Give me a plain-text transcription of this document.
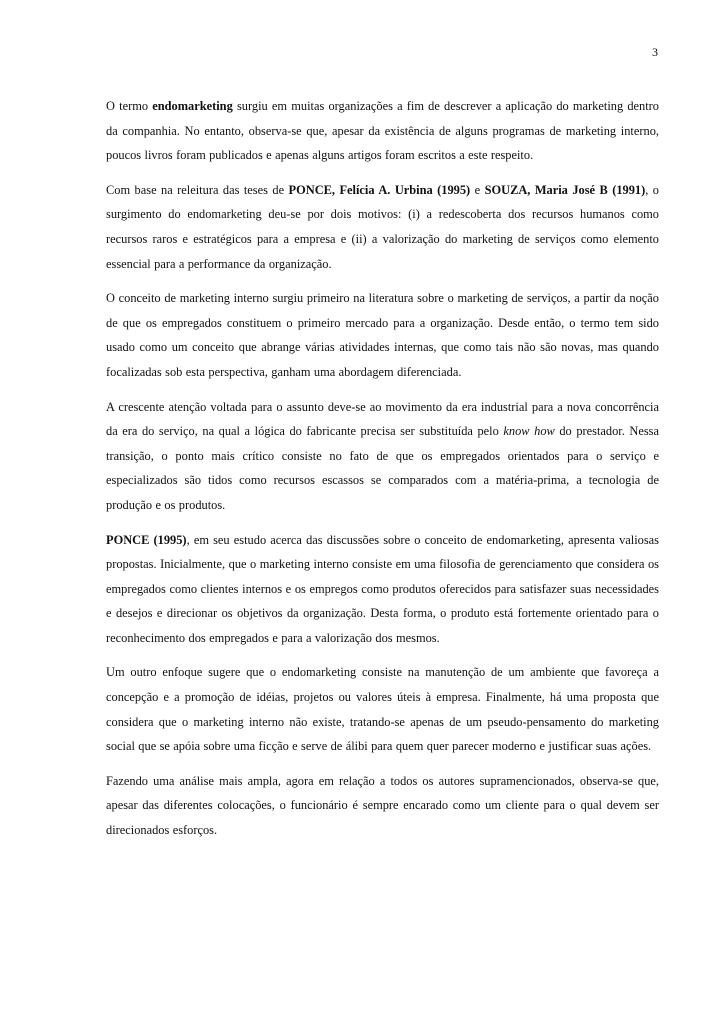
3

O termo endomarketing surgiu em muitas organizações a fim de descrever a aplicação do marketing dentro da companhia. No entanto, observa-se que, apesar da existência de alguns programas de marketing interno, poucos livros foram publicados e apenas alguns artigos foram escritos a este respeito.

Com base na releitura das teses de PONCE, Felícia A. Urbina (1995) e SOUZA, Maria José B (1991), o surgimento do endomarketing deu-se por dois motivos: (i) a redescoberta dos recursos humanos como recursos raros e estratégicos para a empresa e (ii) a valorização do marketing de serviços como elemento essencial para a performance da organização.

O conceito de marketing interno surgiu primeiro na literatura sobre o marketing de serviços, a partir da noção de que os empregados constituem o primeiro mercado para a organização. Desde então, o termo tem sido usado como um conceito que abrange várias atividades internas, que como tais não são novas, mas quando focalizadas sob esta perspectiva, ganham uma abordagem diferenciada.

A crescente atenção voltada para o assunto deve-se ao movimento da era industrial para a nova concorrência da era do serviço, na qual a lógica do fabricante precisa ser substituída pelo know how do prestador. Nessa transição, o ponto mais crítico consiste no fato de que os empregados orientados para o serviço e especializados são tidos como recursos escassos se comparados com a matéria-prima, a tecnologia de produção e os produtos.

PONCE (1995), em seu estudo acerca das discussões sobre o conceito de endomarketing, apresenta valiosas propostas. Inicialmente, que o marketing interno consiste em uma filosofia de gerenciamento que considera os empregados como clientes internos e os empregos como produtos oferecidos para satisfazer suas necessidades e desejos e direcionar os objetivos da organização. Desta forma, o produto está fortemente orientado para o reconhecimento dos empregados e para a valorização dos mesmos.

Um outro enfoque sugere que o endomarketing consiste na manutenção de um ambiente que favoreça a concepção e a promoção de idéias, projetos ou valores úteis à empresa. Finalmente, há uma proposta que considera que o marketing interno não existe, tratando-se apenas de um pseudo-pensamento do marketing social que se apóia sobre uma ficção e serve de álibi para quem quer parecer moderno e justificar suas ações.

Fazendo uma análise mais ampla, agora em relação a todos os autores supramencionados, observa-se que, apesar das diferentes colocações, o funcionário é sempre encarado como um cliente para o qual devem ser direcionados esforços.
